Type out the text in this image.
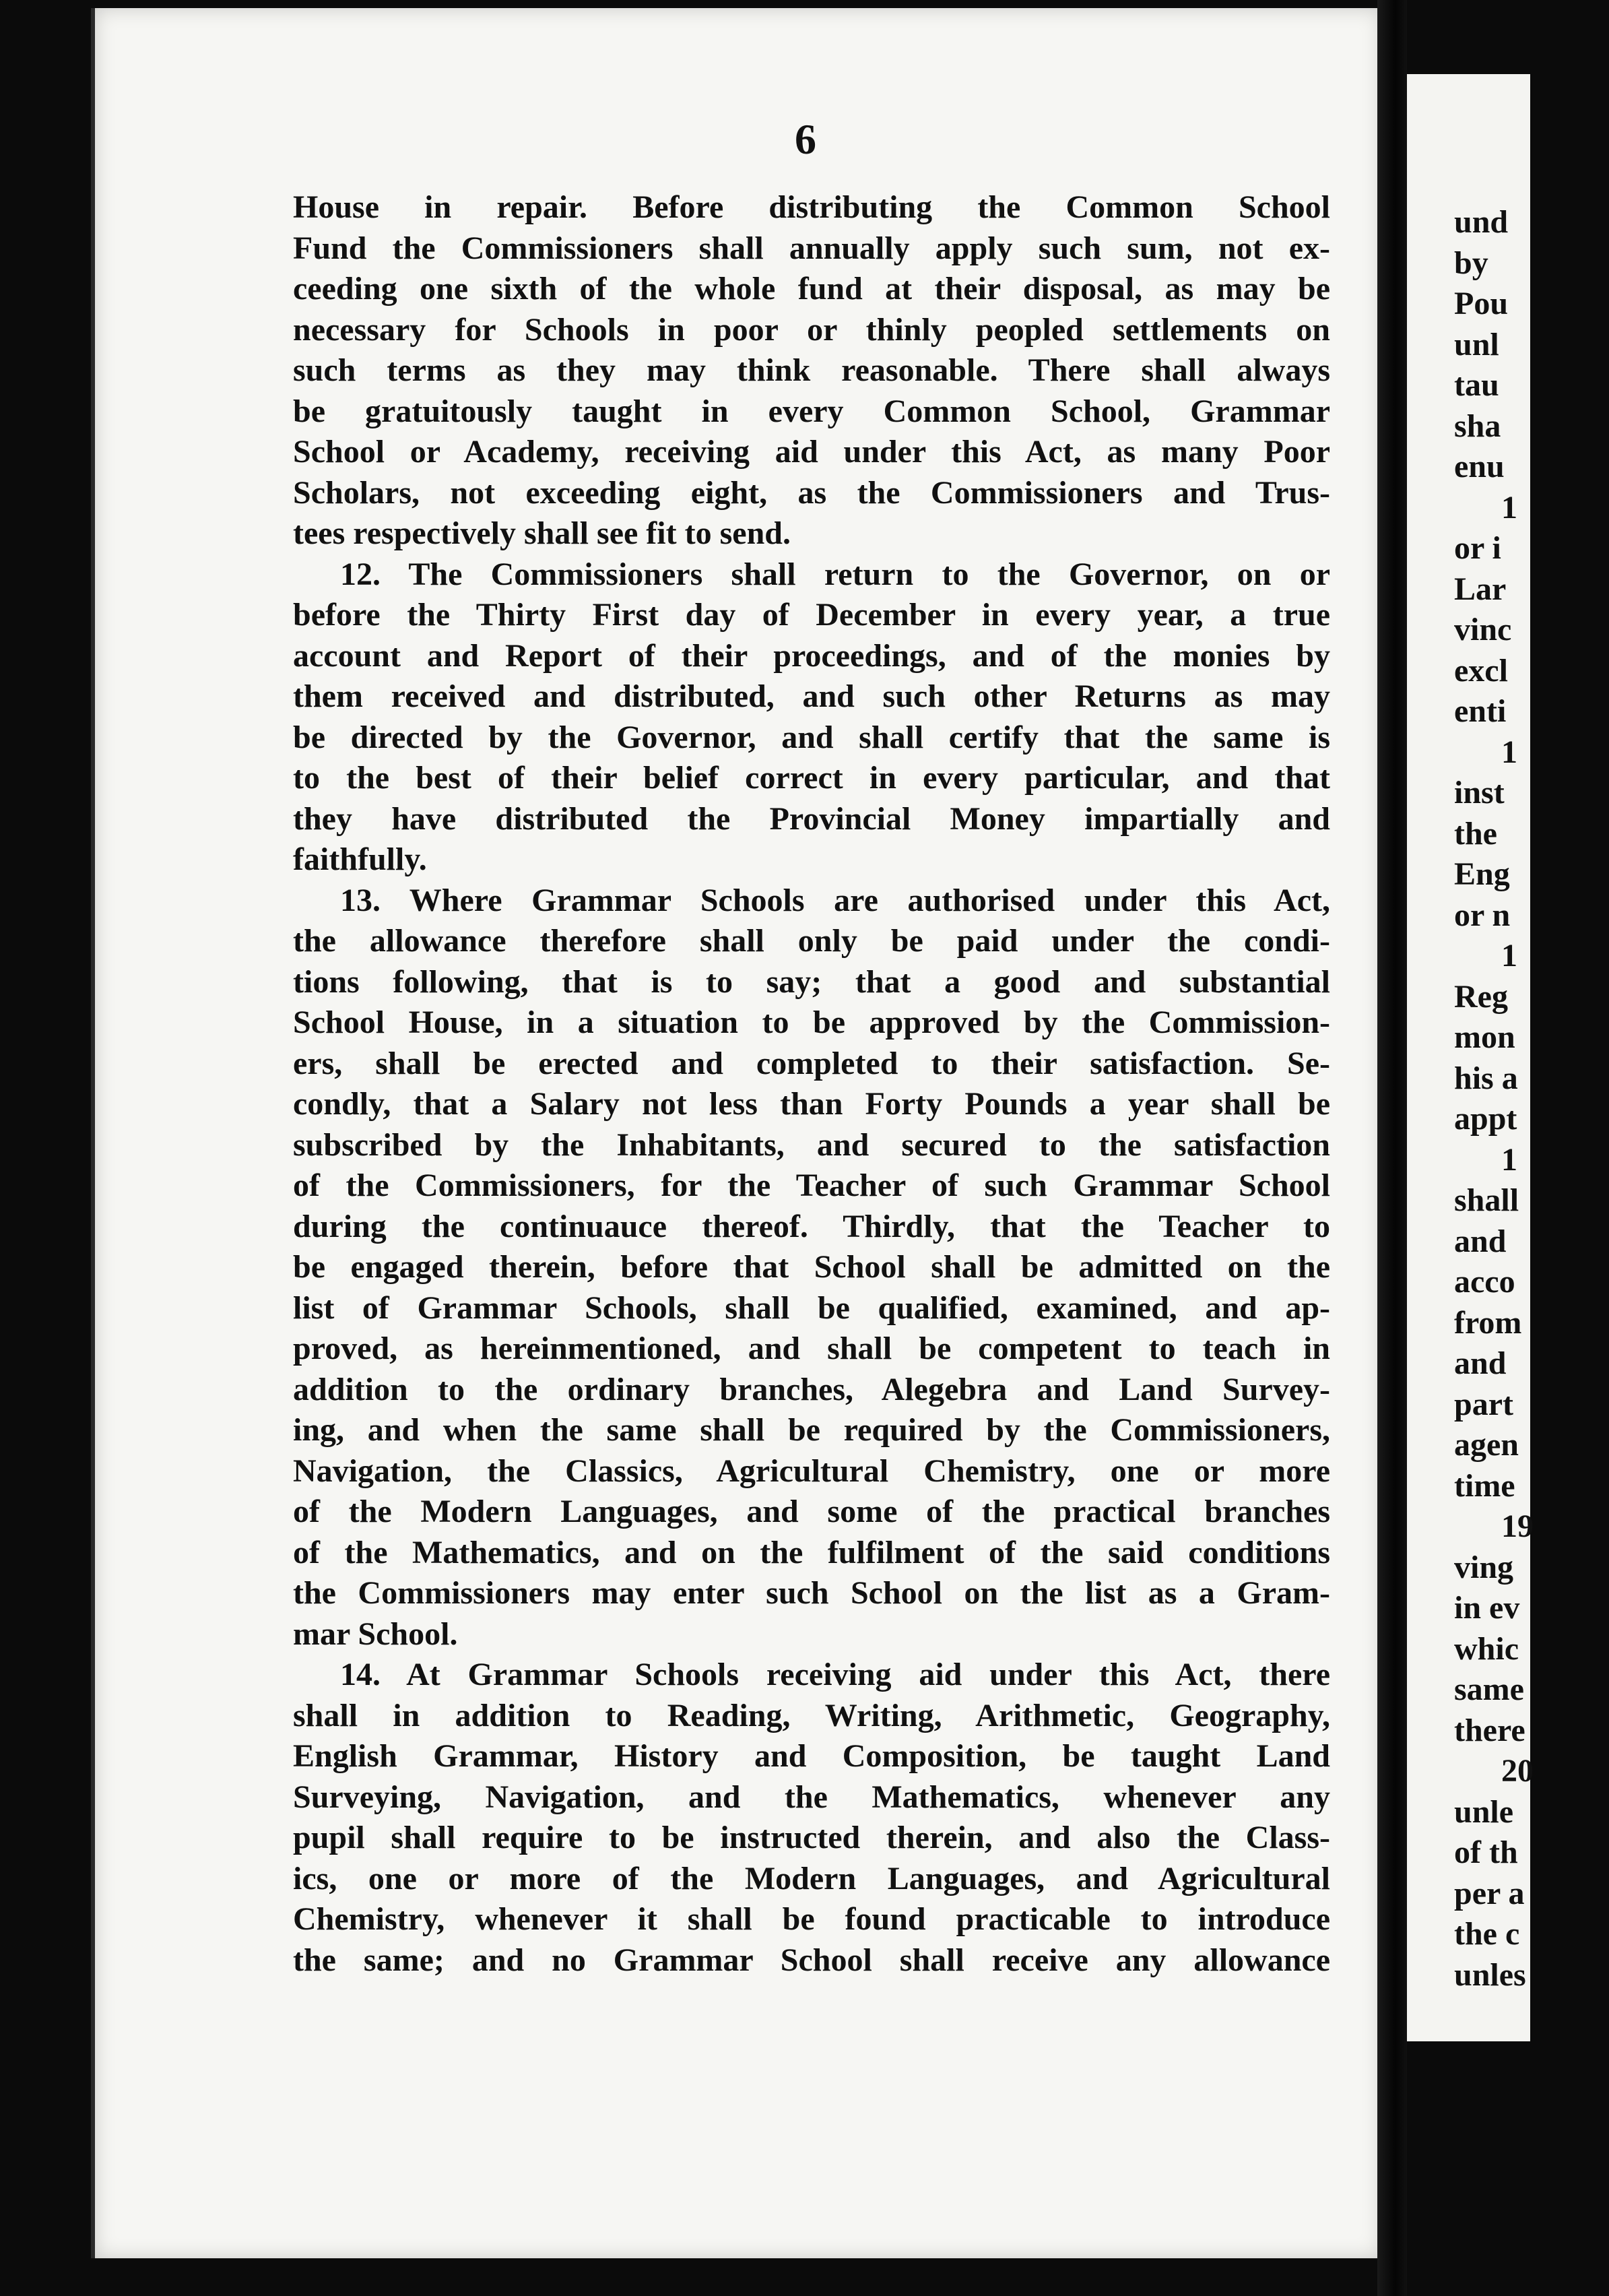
und
by
Pou
unl
tau
sha
enu
1
or i
Lar
vinc
excl
enti
1
inst
the
Eng
or n
1
Reg
mon
his a
appt
1
shall
and
acco
from
and
part
agen
time
19
ving
in ev
whic
same
there
20
unle
of th
per a
the c
unles
6
House in repair. Before distributing the Common School
Fund the Commissioners shall annually apply such sum, not ex-
ceeding one sixth of the whole fund at their disposal, as may be
necessary for Schools in poor or thinly peopled settlements on
such terms as they may think reasonable. There shall always
be gratuitously taught in every Common School, Grammar
School or Academy, receiving aid under this Act, as many Poor
Scholars, not exceeding eight, as the Commissioners and Trus-
tees respectively shall see fit to send.
12. The Commissioners shall return to the Governor, on or
before the Thirty First day of December in every year, a true
account and Report of their proceedings, and of the monies by
them received and distributed, and such other Returns as may
be directed by the Governor, and shall certify that the same is
to the best of their belief correct in every particular, and that
they have distributed the Provincial Money impartially and
faithfully.
13. Where Grammar Schools are authorised under this Act,
the allowance therefore shall only be paid under the condi-
tions following, that is to say; that a good and substantial
School House, in a situation to be approved by the Commission-
ers, shall be erected and completed to their satisfaction. Se-
condly, that a Salary not less than Forty Pounds a year shall be
subscribed by the Inhabitants, and secured to the satisfaction
of the Commissioners, for the Teacher of such Grammar School
during the continuauce thereof. Thirdly, that the Teacher to
be engaged therein, before that School shall be admitted on the
list of Grammar Schools, shall be qualified, examined, and ap-
proved, as hereinmentioned, and shall be competent to teach in
addition to the ordinary branches, Alegebra and Land Survey-
ing, and when the same shall be required by the Commissioners,
Navigation, the Classics, Agricultural Chemistry, one or more
of the Modern Languages, and some of the practical branches
of the Mathematics, and on the fulfilment of the said conditions
the Commissioners may enter such School on the list as a Gram-
mar School.
14. At Grammar Schools receiving aid under this Act, there
shall in addition to Reading, Writing, Arithmetic, Geography,
English Grammar, History and Composition, be taught Land
Surveying, Navigation, and the Mathematics, whenever any
pupil shall require to be instructed therein, and also the Class-
ics, one or more of the Modern Languages, and Agricultural
Chemistry, whenever it shall be found practicable to introduce
the same; and no Grammar School shall receive any allowance
